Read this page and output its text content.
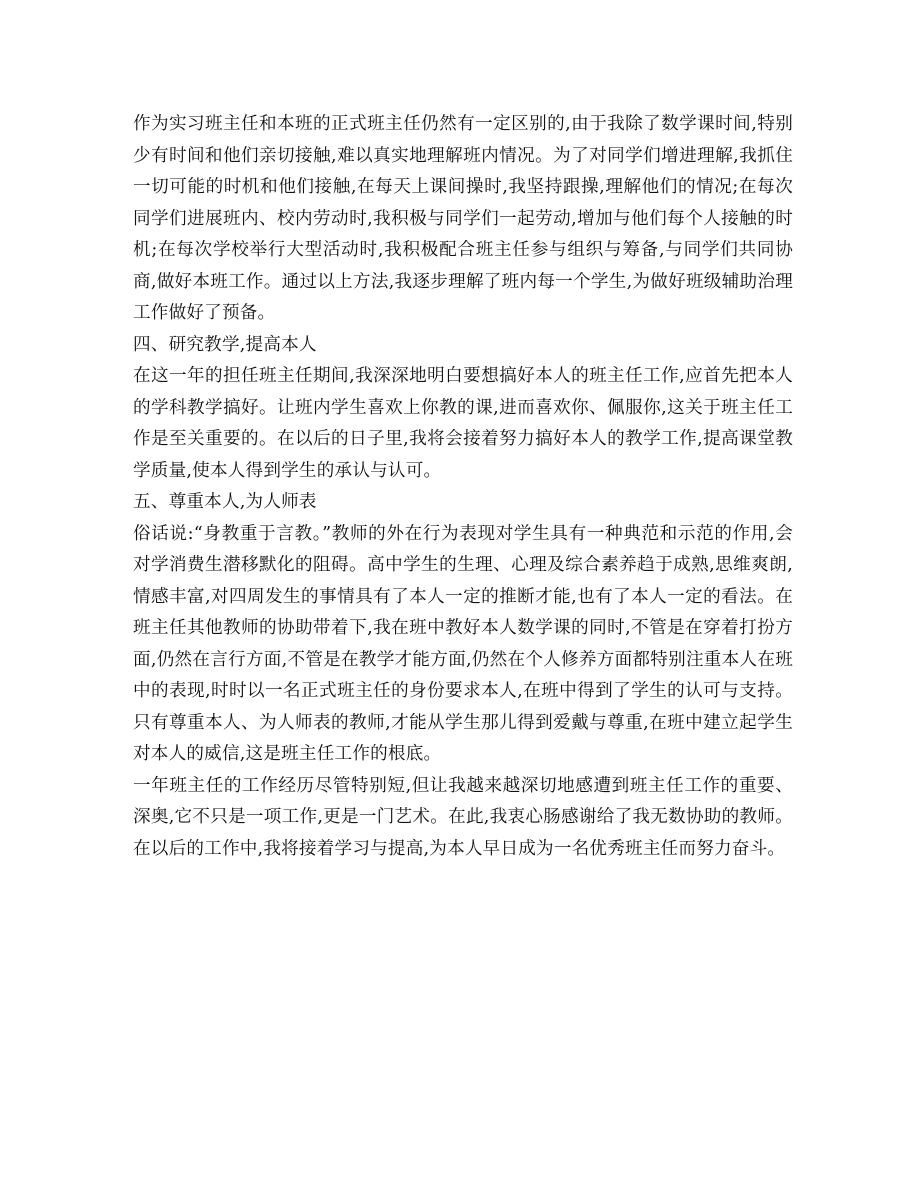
作为实习班主任和本班的正式班主任仍然有一定区别的,由于我除了数学课时间,特别少有时间和他们亲切接触,难以真实地理解班内情况。为了对同学们增进理解,我抓住一切可能的时机和他们接触,在每天上课间操时,我坚持跟操,理解他们的情况;在每次同学们进展班内、校内劳动时,我积极与同学们一起劳动,增加与他们每个人接触的时机;在每次学校举行大型活动时,我积极配合班主任参与组织与筹备,与同学们共同协商,做好本班工作。通过以上方法,我逐步理解了班内每一个学生,为做好班级辅助治理工作做好了预备。

四、研究教学,提高本人

在这一年的担任班主任期间,我深深地明白要想搞好本人的班主任工作,应首先把本人的学科教学搞好。让班内学生喜欢上你教的课,进而喜欢你、佩服你,这关于班主任工作是至关重要的。在以后的日子里,我将会接着努力搞好本人的教学工作,提高课堂教学质量,使本人得到学生的承认与认可。

五、尊重本人,为人师表

俗话说:“身教重于言教。”教师的外在行为表现对学生具有一种典范和示范的作用,会对学消费生潜移默化的阻碍。高中学生的生理、心理及综合素养趋于成熟,思维爽朗,情感丰富,对四周发生的事情具有了本人一定的推断才能,也有了本人一定的看法。在班主任其他教师的协助带着下,我在班中教好本人数学课的同时,不管是在穿着打扮方面,仍然在言行方面,不管是在教学才能方面,仍然在个人修养方面都特别注重本人在班中的表现,时时以一名正式班主任的身份要求本人,在班中得到了学生的认可与支持。只有尊重本人、为人师表的教师,才能从学生那儿得到爱戴与尊重,在班中建立起学生对本人的威信,这是班主任工作的根底。

一年班主任的工作经历尽管特别短,但让我越来越深切地感遭到班主任工作的重要、深奥,它不只是一项工作,更是一门艺术。在此,我衷心肠感谢给了我无数协助的教师。在以后的工作中,我将接着学习与提高,为本人早日成为一名优秀班主任而努力奋斗。
